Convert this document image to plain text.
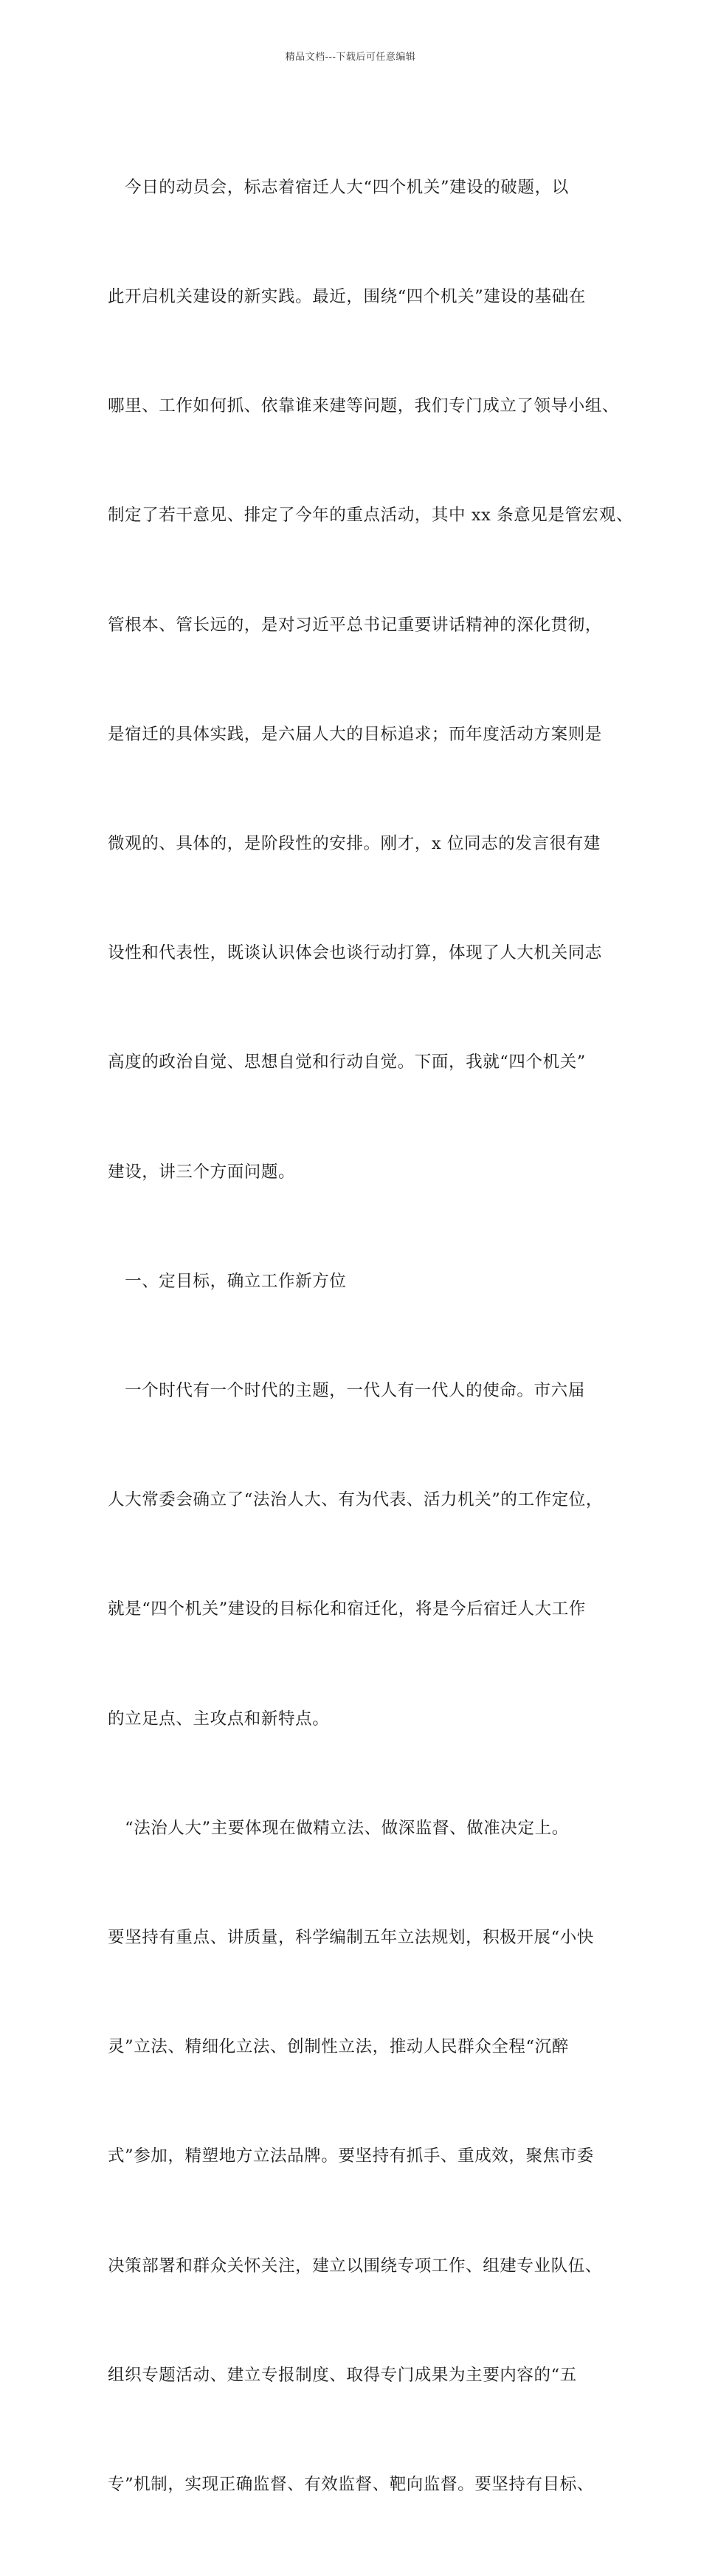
精品文档---下载后可任意编辑

　今日的动员会，标志着宿迁人大“四个机关”建设的破题，以

此开启机关建设的新实践。最近，围绕“四个机关”建设的基础在

哪里、工作如何抓、依靠谁来建等问题，我们专门成立了领导小组、

制定了若干意见、排定了今年的重点活动，其中 xx 条意见是管宏观、

管根本、管长远的，是对习近平总书记重要讲话精神的深化贯彻，

是宿迁的具体实践，是六届人大的目标追求；而年度活动方案则是

微观的、具体的，是阶段性的安排。刚才，x 位同志的发言很有建

设性和代表性，既谈认识体会也谈行动打算，体现了人大机关同志

高度的政治自觉、思想自觉和行动自觉。下面，我就“四个机关”

建设，讲三个方面问题。

　一、定目标，确立工作新方位

　一个时代有一个时代的主题，一代人有一代人的使命。市六届

人大常委会确立了“法治人大、有为代表、活力机关”的工作定位，

就是“四个机关”建设的目标化和宿迁化，将是今后宿迁人大工作

的立足点、主攻点和新特点。

　“法治人大”主要体现在做精立法、做深监督、做准决定上。

要坚持有重点、讲质量，科学编制五年立法规划，积极开展“小快

灵”立法、精细化立法、创制性立法，推动人民群众全程“沉醉

式”参加，精塑地方立法品牌。要坚持有抓手、重成效，聚焦市委

决策部署和群众关怀关注，建立以围绕专项工作、组建专业队伍、

组织专题活动、建立专报制度、取得专门成果为主要内容的“五

专”机制，实现正确监督、有效监督、靶向监督。要坚持有目标、
